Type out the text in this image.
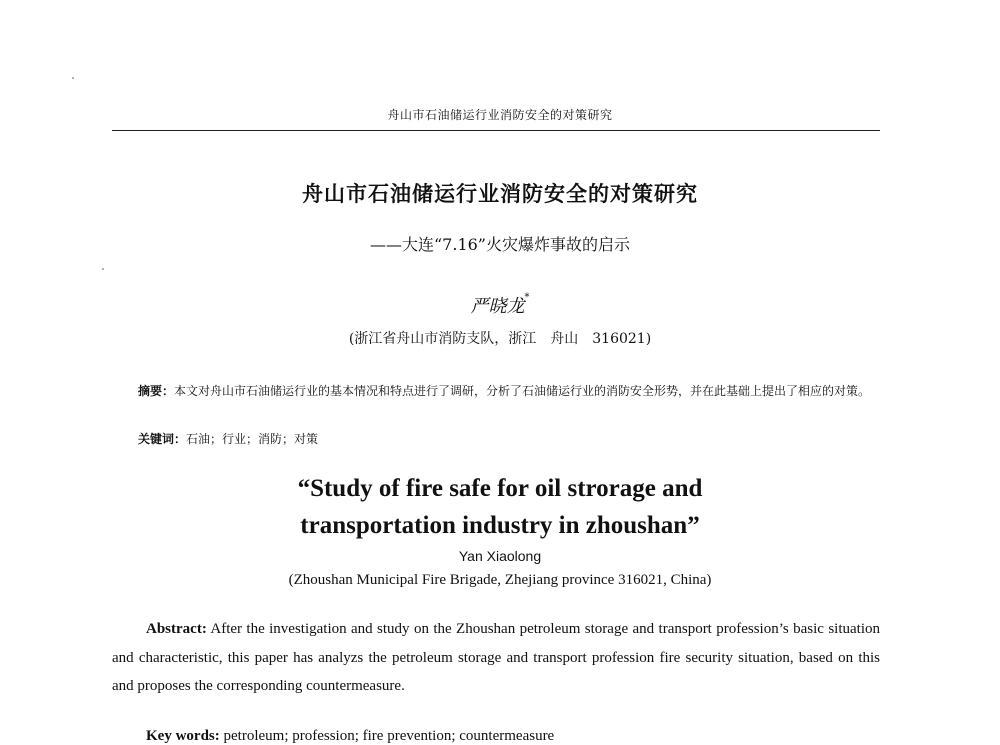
舟山市石油储运行业消防安全的对策研究
舟山市石油储运行业消防安全的对策研究
——大连“7.16”火灾爆炸事故的启示
严晓龙*
(浙江省舟山市消防支队，浙江　舟山　316021)
摘要：本文对舟山市石油储运行业的基本情况和特点进行了调研，分析了石油储运行业的消防安全形势，并在此基础上提出了相应的对策。
关键词：石油；行业；消防；对策
“Study of fire safe for oil strorage and
transportation industry in zhoushan”
Yan Xiaolong
(Zhoushan Municipal Fire Brigade, Zhejiang province 316021, China)
Abstract: After the investigation and study on the Zhoushan petroleum storage and transport profession’s basic situation and characteristic, this paper has analyzs the petroleum storage and transport profession fire security situation, based on this and proposes the corresponding countermeasure.
Key words: petroleum; profession; fire prevention; countermeasure
